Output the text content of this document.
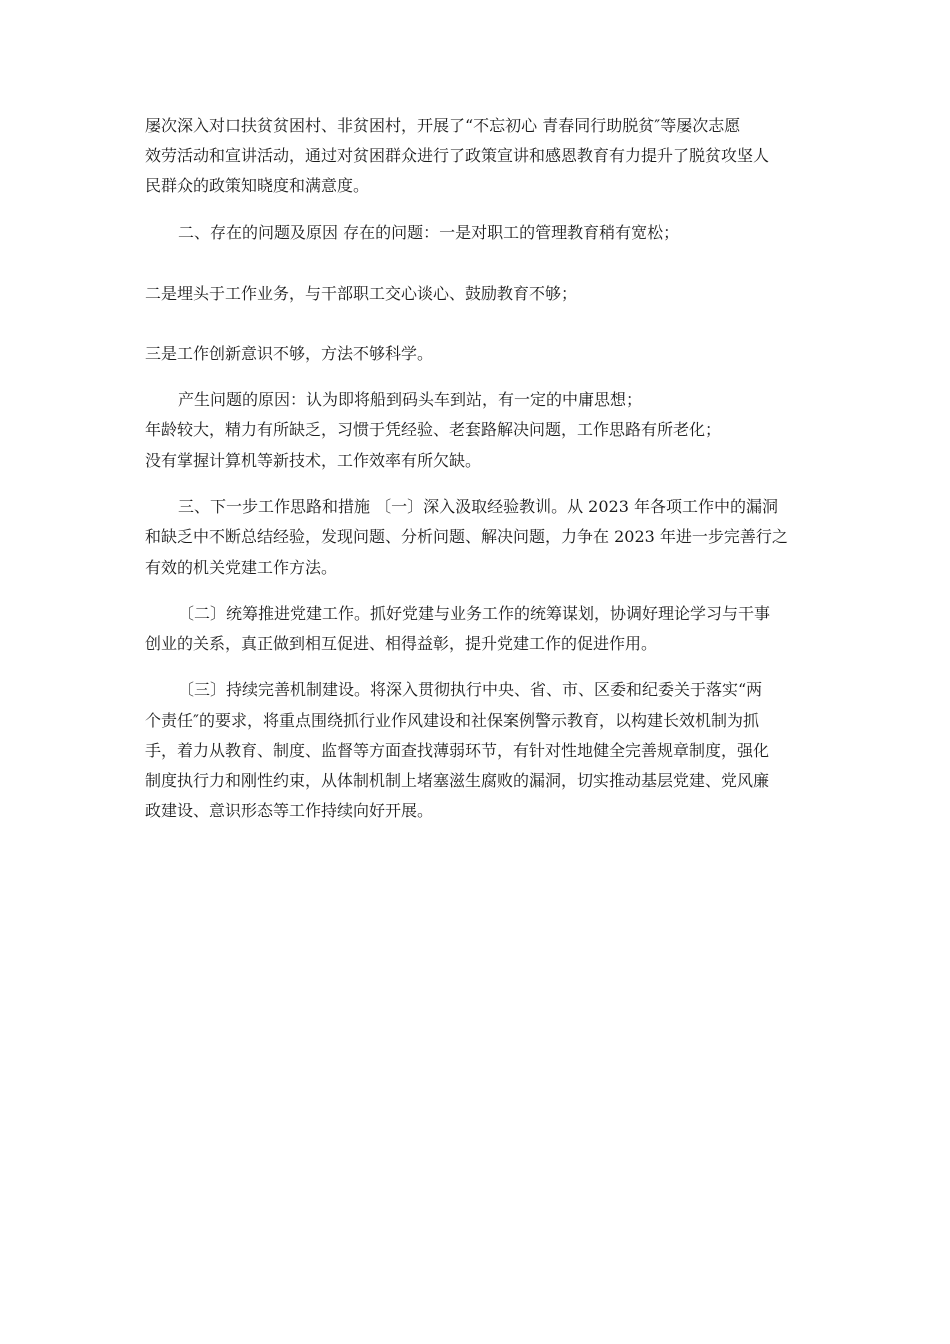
屡次深入对口扶贫贫困村、非贫困村，开展了“不忘初心 青春同行助脱贫″等屡次志愿
效劳活动和宣讲活动，通过对贫困群众进行了政策宣讲和感恩教育有力提升了脱贫攻坚人
民群众的政策知晓度和满意度。
二、存在的问题及原因 存在的问题：一是对职工的管理教育稍有宽松；
二是埋头于工作业务，与干部职工交心谈心、鼓励教育不够；
三是工作创新意识不够，方法不够科学。
产生问题的原因：认为即将船到码头车到站，有一定的中庸思想；
年龄较大，精力有所缺乏，习惯于凭经验、老套路解决问题，工作思路有所老化；
没有掌握计算机等新技术，工作效率有所欠缺。
三、下一步工作思路和措施 〔一〕深入汲取经验教训。从 2023 年各项工作中的漏洞
和缺乏中不断总结经验，发现问题、分析问题、解决问题，力争在 2023 年进一步完善行之
有效的机关党建工作方法。
〔二〕统筹推进党建工作。抓好党建与业务工作的统筹谋划，协调好理论学习与干事
创业的关系，真正做到相互促进、相得益彰，提升党建工作的促进作用。
〔三〕持续完善机制建设。将深入贯彻执行中央、省、市、区委和纪委关于落实“两
个责任″的要求，将重点围绕抓行业作风建设和社保案例警示教育，以构建长效机制为抓
手，着力从教育、制度、监督等方面查找薄弱环节，有针对性地健全完善规章制度，强化
制度执行力和刚性约束，从体制机制上堵塞滋生腐败的漏洞，切实推动基层党建、党风廉
政建设、意识形态等工作持续向好开展。
